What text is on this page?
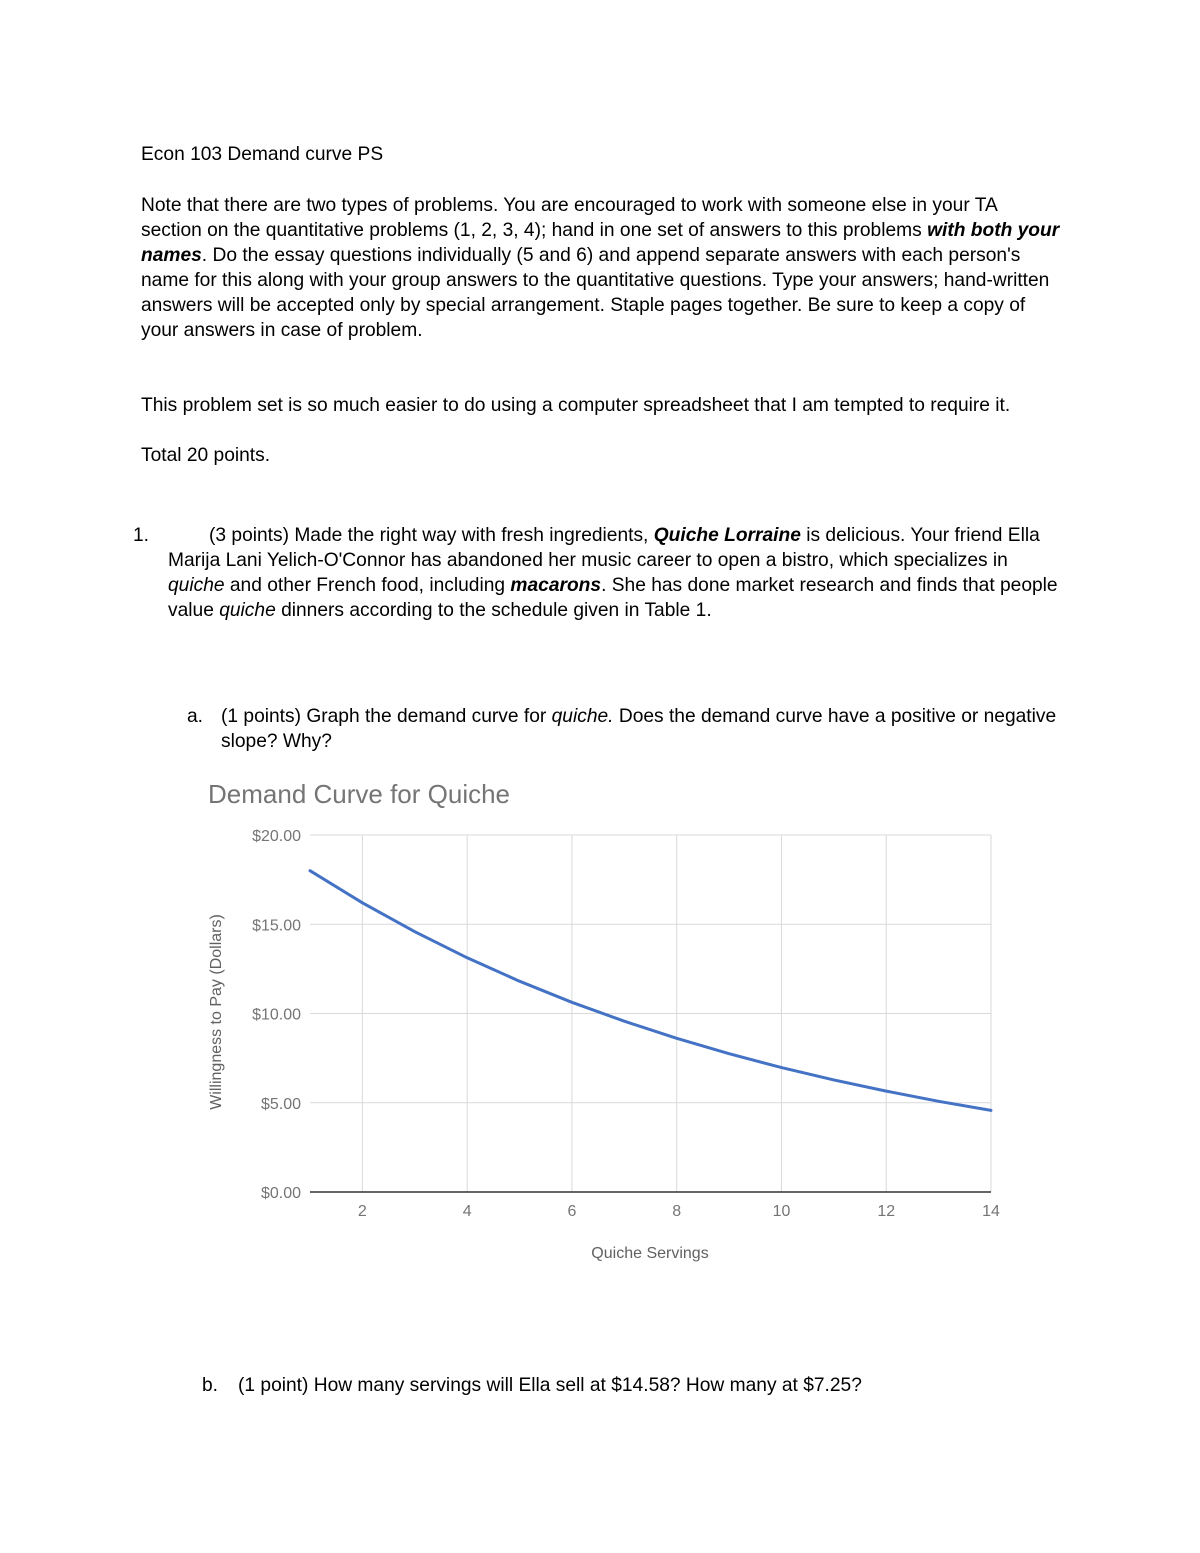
Econ 103 Demand curve PS
Note that there are two types of problems. You are encouraged to work with someone else in your TA section on the quantitative problems (1, 2, 3, 4); hand in one set of answers to this problems with both your names. Do the essay questions individually (5 and 6) and append separate answers with each person's name for this along with your group answers to the quantitative questions. Type your answers; hand-written answers will be accepted only by special arrangement. Staple pages together. Be sure to keep a copy of your answers in case of problem.
This problem set is so much easier to do using a computer spreadsheet that I am tempted to require it.
Total 20 points.
1.	(3 points) Made the right way with fresh ingredients, Quiche Lorraine is delicious. Your friend Ella Marija Lani Yelich-O'Connor has abandoned her music career to open a bistro, which specializes in quiche and other French food, including macarons. She has done market research and finds that people value quiche dinners according to the schedule given in Table 1.
a. (1 points) Graph the demand curve for quiche. Does the demand curve have a positive or negative slope? Why?
Demand Curve for Quiche
$0.00
$5.00
$10.00
$15.00
$20.00
2	4	6	8	10	12	14
Quiche Servings
Willingness to Pay (Dollars)
b. (1 point) How many servings will Ella sell at $14.58? How many at $7.25?
